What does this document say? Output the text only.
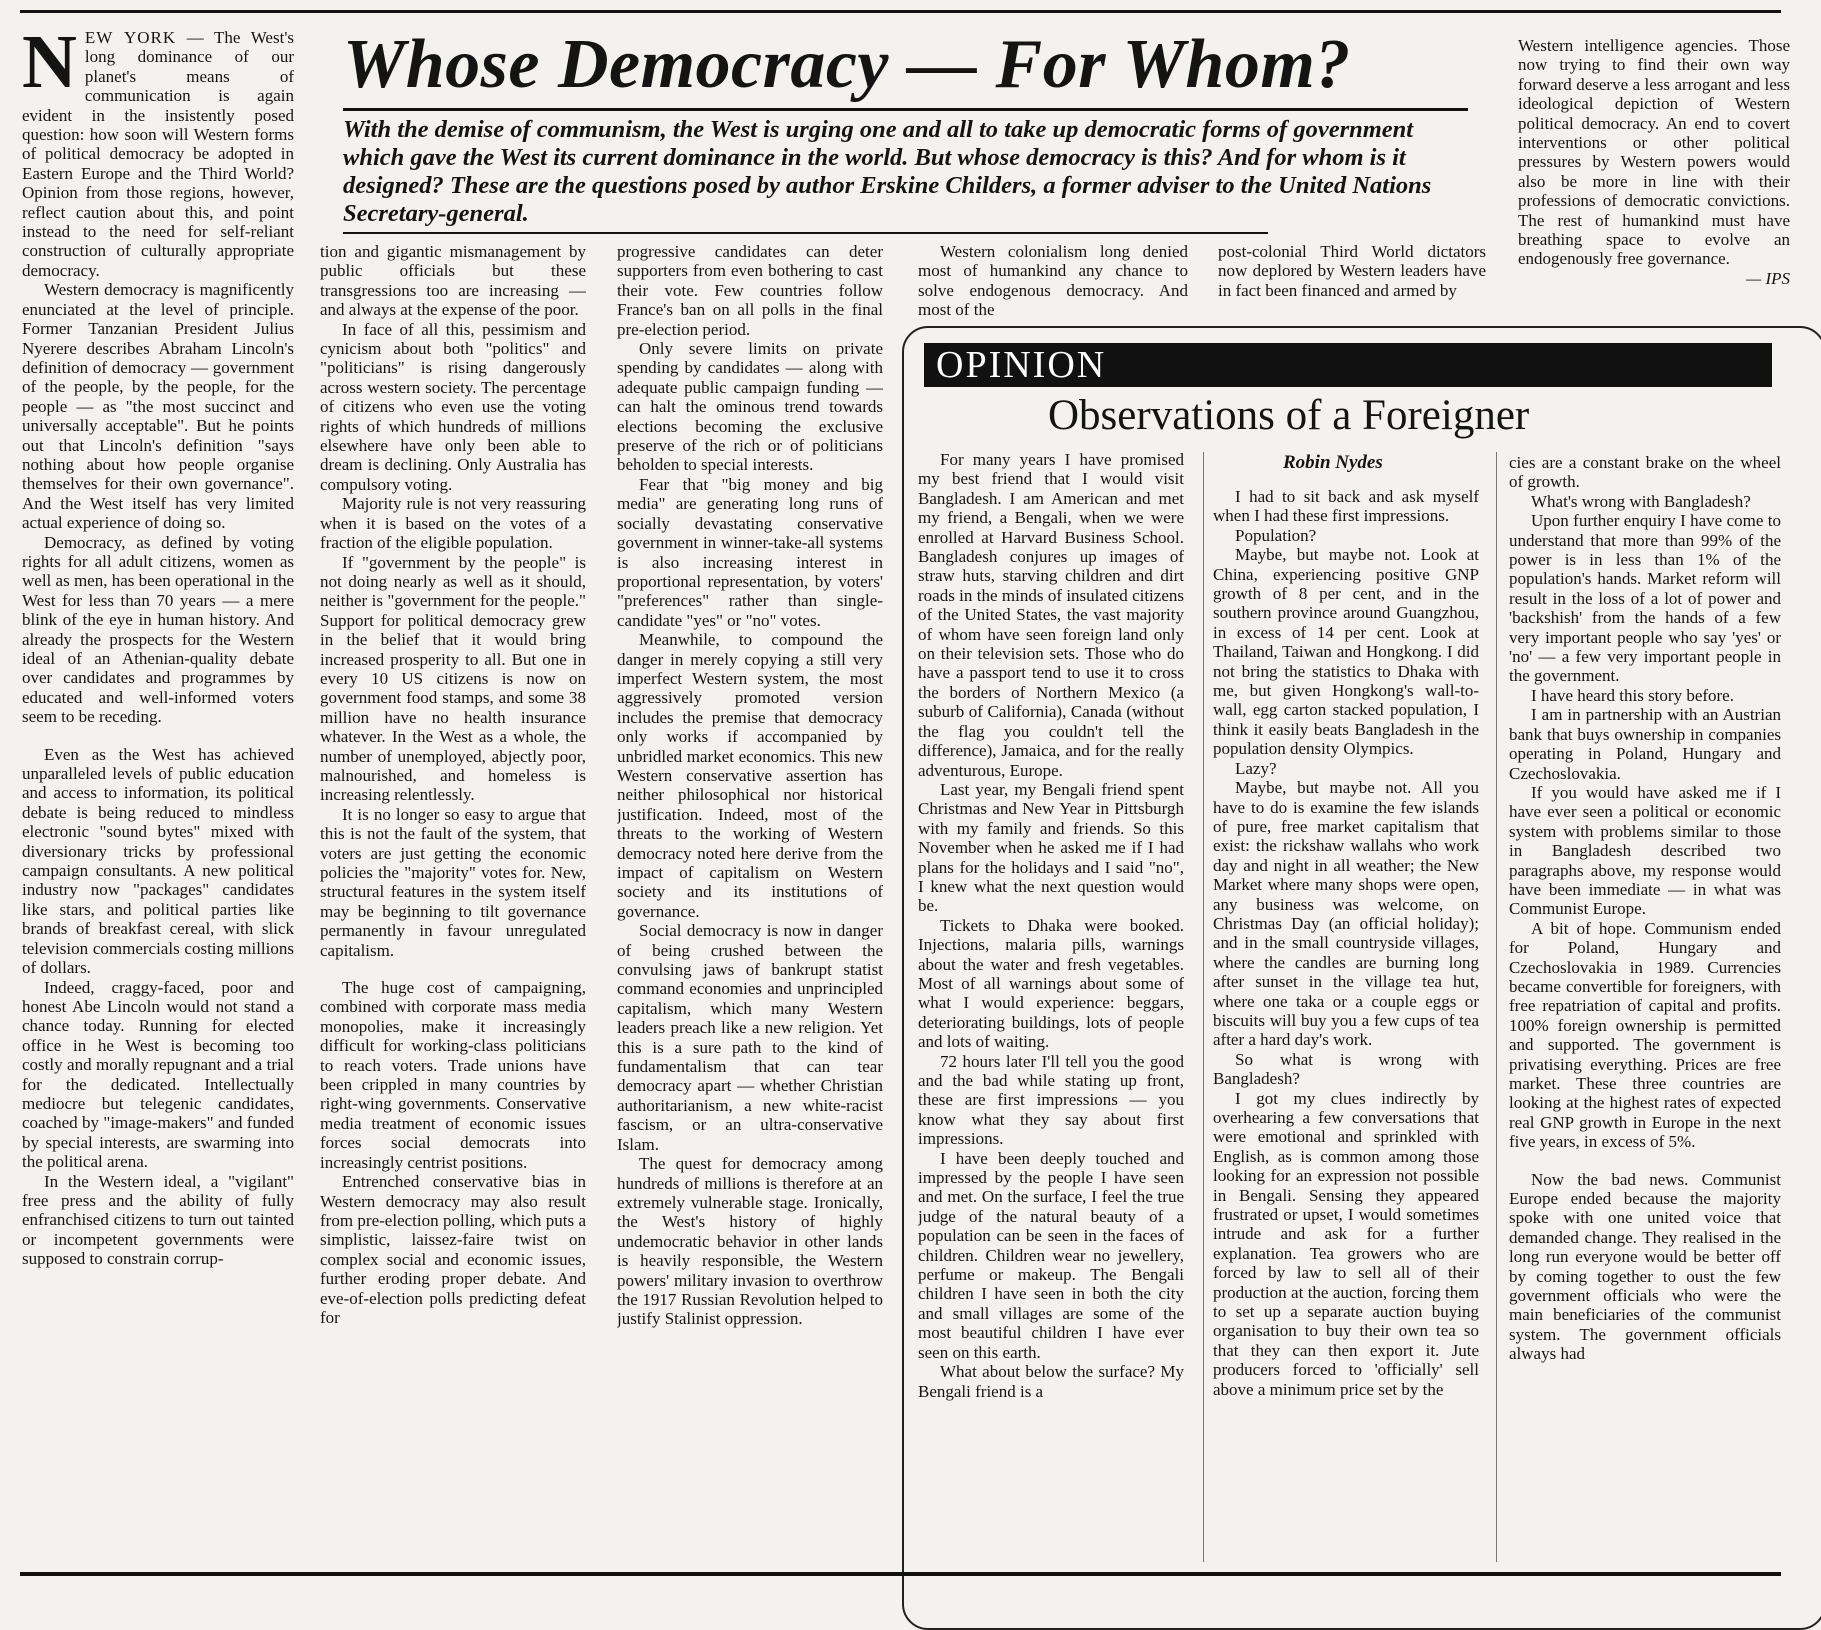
NEW YORK — The West's long dominance of our planet's means of communication is again evident in the insistently posed question: how soon will Western forms of political democracy be adopted in Eastern Europe and the Third World? Opinion from those regions, however, reflect caution about this, and point instead to the need for self-reliant construction of culturally appropriate democracy.

Western democracy is magnificently enunciated at the level of principle. Former Tanzanian President Julius Nyerere describes Abraham Lincoln's definition of democracy — government of the people, by the people, for the people — as "the most succinct and universally acceptable". But he points out that Lincoln's definition "says nothing about how people organise themselves for their own governance". And the West itself has very limited actual experience of doing so.

Democracy, as defined by voting rights for all adult citizens, women as well as men, has been operational in the West for less than 70 years — a mere blink of the eye in human history. And already the prospects for the Western ideal of an Athenian-quality debate over candidates and programmes by educated and well-informed voters seem to be receding.

Even as the West has achieved unparalleled levels of public education and access to information, its political debate is being reduced to mindless electronic "sound bytes" mixed with diversionary tricks by professional campaign consultants. A new political industry now "packages" candidates like stars, and political parties like brands of breakfast cereal, with slick television commercials costing millions of dollars.

Indeed, craggy-faced, poor and honest Abe Lincoln would not stand a chance today. Running for elected office in he West is becoming too costly and morally repugnant and a trial for the dedicated. Intellectually mediocre but telegenic candidates, coached by "image-makers" and funded by special interests, are swarming into the political arena.

In the Western ideal, a "vigilant" free press and the ability of fully enfranchised citizens to turn out tainted or incompetent governments were supposed to constrain corrup-

Whose Democracy — For Whom?
With the demise of communism, the West is urging one and all to take up democratic forms of government which gave the West its current dominance in the world. But whose democracy is this? And for whom is it designed? These are the questions posed by author Erskine Childers, a former adviser to the United Nations Secretary-general.

tion and gigantic mismanagement by public officials but these transgressions too are increasing — and always at the expense of the poor.

In face of all this, pessimism and cynicism about both "politics" and "politicians" is rising dangerously across western society. The percentage of citizens who even use the voting rights of which hundreds of millions elsewhere have only been able to dream is declining. Only Australia has compulsory voting.

Majority rule is not very reassuring when it is based on the votes of a fraction of the eligible population.

If "government by the people" is not doing nearly as well as it should, neither is "government for the people." Support for political democracy grew in the belief that it would bring increased prosperity to all. But one in every 10 US citizens is now on government food stamps, and some 38 million have no health insurance whatever. In the West as a whole, the number of unemployed, abjectly poor, malnourished, and homeless is increasing relentlessly.

It is no longer so easy to argue that this is not the fault of the system, that voters are just getting the economic policies the "majority" votes for. New, structural features in the system itself may be beginning to tilt governance permanently in favour unregulated capitalism.

The huge cost of campaigning, combined with corporate mass media monopolies, make it increasingly difficult for working-class politicians to reach voters. Trade unions have been crippled in many countries by right-wing governments. Conservative media treatment of economic issues forces social democrats into increasingly centrist positions.

Entrenched conservative bias in Western democracy may also result from pre-election polling, which puts a simplistic, laissez-faire twist on complex social and economic issues, further eroding proper debate. And eve-of-election polls predicting defeat for

progressive candidates can deter supporters from even bothering to cast their vote. Few countries follow France's ban on all polls in the final pre-election period.

Only severe limits on private spending by candidates — along with adequate public campaign funding — can halt the ominous trend towards elections becoming the exclusive preserve of the rich or of politicians beholden to special interests.

Fear that "big money and big media" are generating long runs of socially devastating conservative government in winner-take-all systems is also increasing interest in proportional representation, by voters' "preferences" rather than single-candidate "yes" or "no" votes.

Meanwhile, to compound the danger in merely copying a still very imperfect Western system, the most aggressively promoted version includes the premise that democracy only works if accompanied by unbridled market economics. This new Western conservative assertion has neither philosophical nor historical justification. Indeed, most of the threats to the working of Western democracy noted here derive from the impact of capitalism on Western society and its institutions of governance.

Social democracy is now in danger of being crushed between the convulsing jaws of bankrupt statist command economies and unprincipled capitalism, which many Western leaders preach like a new religion. Yet this is a sure path to the kind of fundamentalism that can tear democracy apart — whether Christian authoritarianism, a new white-racist fascism, or an ultra-conservative Islam.

The quest for democracy among hundreds of millions is therefore at an extremely vulnerable stage. Ironically, the West's history of highly undemocratic behavior in other lands is heavily responsible, the Western powers' military invasion to overthrow the 1917 Russian Revolution helped to justify Stalinist oppression.

Western colonialism long denied most of humankind any chance to solve endogenous democracy. And most of the

post-colonial Third World dictators now deplored by Western leaders have in fact been financed and armed by

Western intelligence agencies. Those now trying to find their own way forward deserve a less arrogant and less ideological depiction of Western political democracy. An end to covert interventions or other political pressures by Western powers would also be more in line with their professions of democratic convictions. The rest of humankind must have breathing space to evolve an endogenously free governance.

— IPS

OPINION
Observations of a Foreigner
Robin Nydes

For many years I have promised my best friend that I would visit Bangladesh. I am American and met my friend, a Bengali, when we were enrolled at Harvard Business School. Bangladesh conjures up images of straw huts, starving children and dirt roads in the minds of insulated citizens of the United States, the vast majority of whom have seen foreign land only on their television sets. Those who do have a passport tend to use it to cross the borders of Northern Mexico (a suburb of California), Canada (without the flag you couldn't tell the difference), Jamaica, and for the really adventurous, Europe.

Last year, my Bengali friend spent Christmas and New Year in Pittsburgh with my family and friends. So this November when he asked me if I had plans for the holidays and I said "no", I knew what the next question would be.

Tickets to Dhaka were booked. Injections, malaria pills, warnings about the water and fresh vegetables. Most of all warnings about some of what I would experience: beggars, deteriorating buildings, lots of people and lots of waiting.

72 hours later I'll tell you the good and the bad while stating up front, these are first impressions — you know what they say about first impressions.

I have been deeply touched and impressed by the people I have seen and met. On the surface, I feel the true judge of the natural beauty of a population can be seen in the faces of children. Children wear no jewellery, perfume or makeup. The Bengali children I have seen in both the city and small villages are some of the most beautiful children I have ever seen on this earth.

What about below the surface? My Bengali friend is a

I had to sit back and ask myself when I had these first impressions.

Population?

Maybe, but maybe not. Look at China, experiencing positive GNP growth of 8 per cent, and in the southern province around Guangzhou, in excess of 14 per cent. Look at Thailand, Taiwan and Hongkong. I did not bring the statistics to Dhaka with me, but given Hongkong's wall-to-wall, egg carton stacked population, I think it easily beats Bangladesh in the population density Olympics.

Lazy?

Maybe, but maybe not. All you have to do is examine the few islands of pure, free market capitalism that exist: the rickshaw wallahs who work day and night in all weather; the New Market where many shops were open, any business was welcome, on Christmas Day (an official holiday); and in the small countryside villages, where the candles are burning long after sunset in the village tea hut, where one taka or a couple eggs or biscuits will buy you a few cups of tea after a hard day's work.

So what is wrong with Bangladesh?

I got my clues indirectly by overhearing a few conversations that were emotional and sprinkled with English, as is common among those looking for an expression not possible in Bengali. Sensing they appeared frustrated or upset, I would sometimes intrude and ask for a further explanation. Tea growers who are forced by law to sell all of their production at the auction, forcing them to set up a separate auction buying organisation to buy their own tea so that they can then export it. Jute producers forced to 'officially' sell above a minimum price set by the

cies are a constant brake on the wheel of growth.

What's wrong with Bangladesh?

Upon further enquiry I have come to understand that more than 99% of the power is in less than 1% of the population's hands. Market reform will result in the loss of a lot of power and 'backshish' from the hands of a few very important people who say 'yes' or 'no' — a few very important people in the government.

I have heard this story before.

I am in partnership with an Austrian bank that buys ownership in companies operating in Poland, Hungary and Czechoslovakia.

If you would have asked me if I have ever seen a political or economic system with problems similar to those in Bangladesh described two paragraphs above, my response would have been immediate — in what was Communist Europe.

A bit of hope. Communism ended for Poland, Hungary and Czechoslovakia in 1989. Currencies became convertible for foreigners, with free repatriation of capital and profits. 100% foreign ownership is permitted and supported. The government is privatising everything. Prices are free market. These three countries are looking at the highest rates of expected real GNP growth in Europe in the next five years, in excess of 5%.

Now the bad news. Communist Europe ended because the majority spoke with one united voice that demanded change. They realised in the long run everyone would be better off by coming together to oust the few government officials who were the main beneficiaries of the communist system. The government officials always had
